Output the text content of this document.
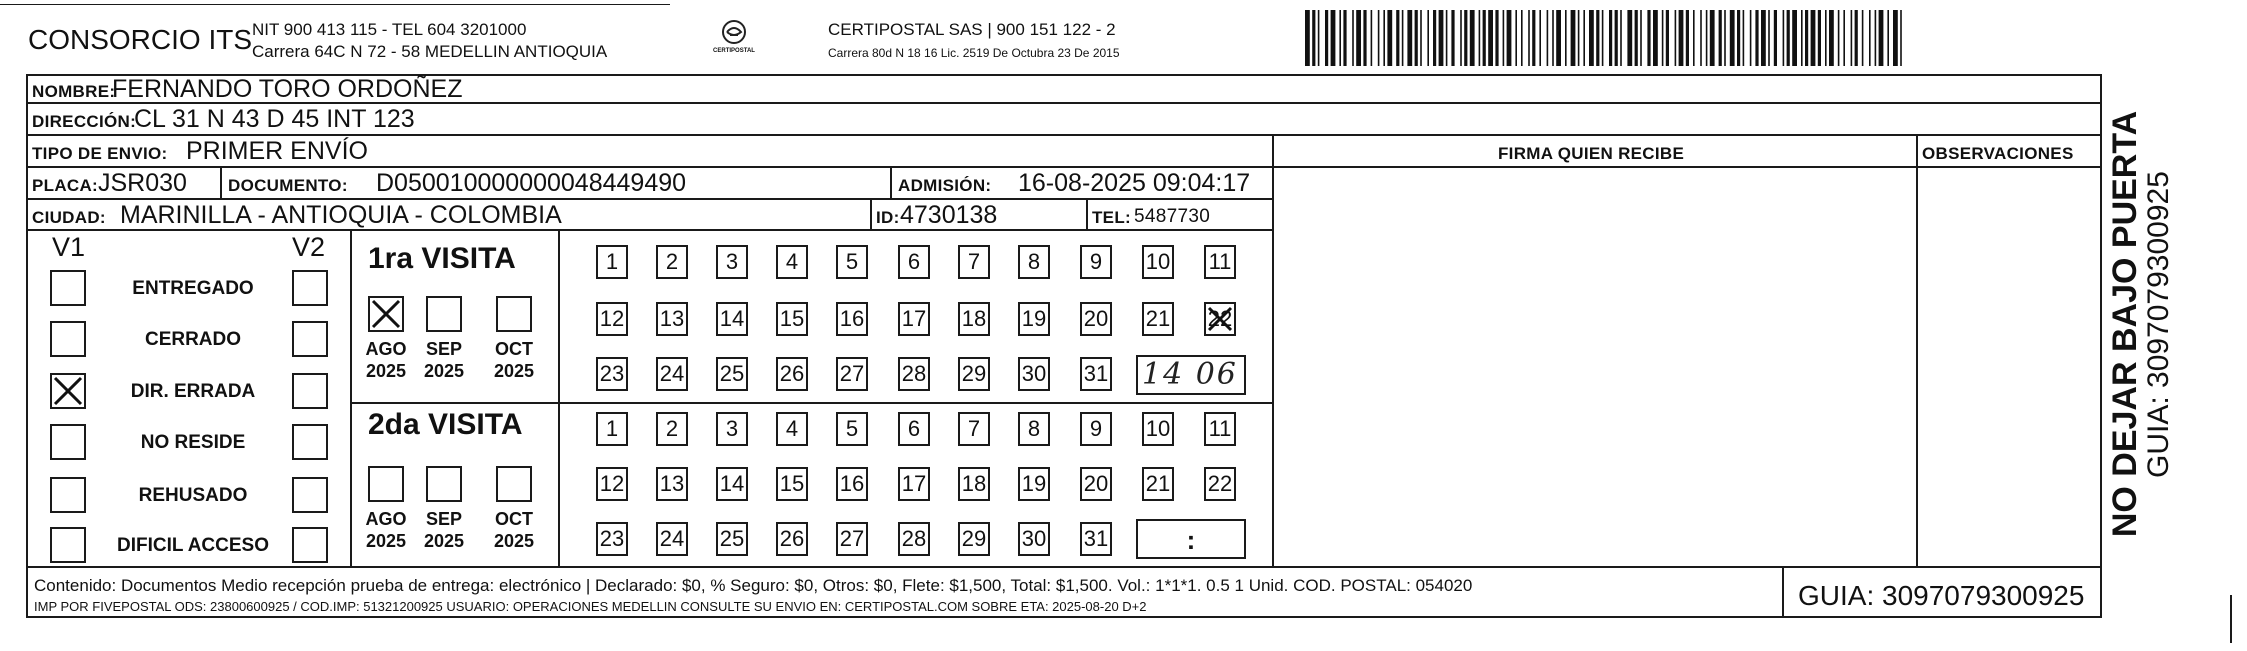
CONSORCIO ITS NIT 900 413 115 - TEL 604 3201000
Carrera 64C N 72 - 58 MEDELLIN ANTIOQUIA	CERTIPOSTAL
CERTIPOSTAL SAS | 900 151 122 - 2
Carrera 80d N 18 16 Lic. 2519 De Octubra 23 De 2015
NOMBRE:
FERNANDO TORO ORDOÑEZ
DIRECCIÓN:
CL 31 N 43 D 45 INT 123
TIPO DE ENVIO: PRIMER ENVÍO	FIRMA QUIEN RECIBE	OBSERVACIONES
PLACA: JSR030 DOCUMENTO: D050010000000048449490	ADMISIÓN: 16-08-2025 09:04:17
CIUDAD: MARINILLA - ANTIOQUIA - COLOMBIA	ID: 4730138	TEL: 5487730
V1	V2
ENTREGADO
CERRADO
DIR. ERRADA
NO RESIDE
REHUSADO
DIFICIL ACCESO
1ra VISITA
2da VISITA
AGO
2025
SEP
2025
OCT
2025
AGO
2025
SEP
2025
OCT
2025
1	2	3	4	5	6	7	8	9	10 11
12 13 14 15 16 17 18 19 20 21 22
23 24 25 26 27 28 29 30 31
1	2	3	4	5	6	7	8	9	10 11
12 13 14 15 16 17 18 19 20 21 22
23 24 25 26 27 28 29 30 31
14 06
:
Contenido: Documentos Medio recepción prueba de entrega: electrónico | Declarado: $0, % Seguro: $0, Otros: $0, Flete: $1,500, Total: $1,500. Vol.: 1*1*1. 0.5 1 Unid. COD. POSTAL: 054020
IMP POR FIVEPOSTAL ODS: 23800600925 / COD.IMP: 51321200925 USUARIO: OPERACIONES MEDELLIN CONSULTE SU ENVIO EN: CERTIPOSTAL.COM SOBRE ETA: 2025-08-20 D+2	GUIA: 3097079300925
NO DEJAR BAJO PUERTA
GUIA: 3097079300925
